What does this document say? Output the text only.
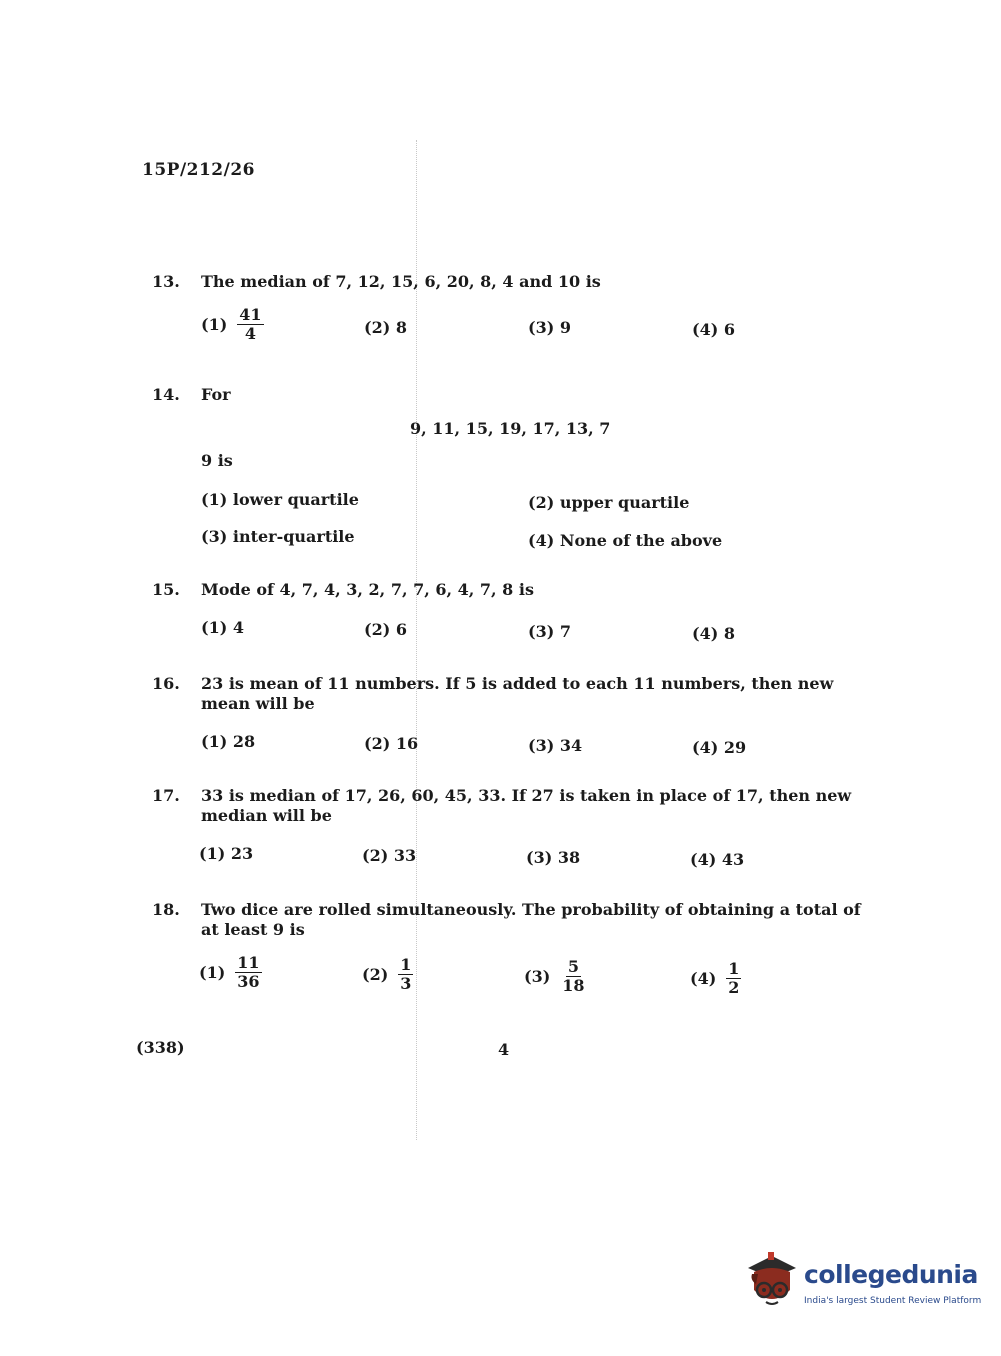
15P/212/26
13. The median of 7, 12, 15, 6, 20, 8, 4 and 10 is
$(1) \frac{41}{4}$	(2) 8	(3) 9	(4) 6
14. For
9, 11, 15, 19, 17, 13, 7
9 is
(1) lower quartile	(2) upper quartile
(3) inter-quartile	(4) None of the above
15. Mode of 4, 7, 4, 3, 2, 7, 7, 6, 4, 7, 8 is
(1) 4	(2) 6	(3) 7	(4) 8
16. 23 is mean of 11 numbers. If 5 is added to each 11 numbers, then new mean will be
(1) 28	(2) 16	(3) 34	(4) 29
17. 33 is median of 17, 26, 60, 45, 33. If 27 is taken in place of 17, then new median will be
(1) 23	(2) 33	(3) 38	(4) 43
18. Two dice are rolled simultaneously. The probability of obtaining a total of at least 9 is
$(1) \frac{11}{36}$	$(2) \frac{1}{3}$	$(3) \frac{5}{18}$	$(4) \frac{1}{2}$
(338)	4
collegedunia
India's largest Student Review Platform
